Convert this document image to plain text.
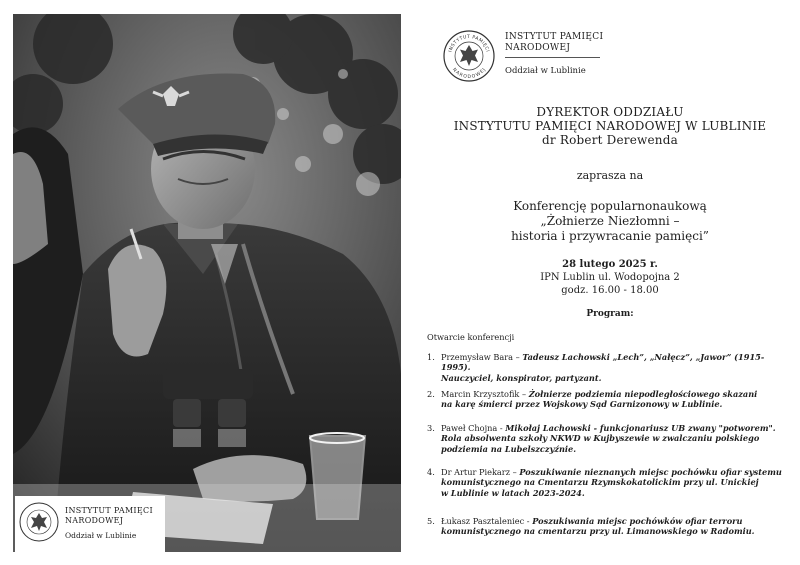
INSTYTUT PAMIĘCI
NARODOWEJ
Oddział w Lublinie
INSTYTUT PAMIĘCI
NARODOWEJ
INSTYTUT PAMIĘCI
NARODOWEJ
Oddział w Lublinie
DYREKTOR ODDZIAŁU
INSTYTUTU PAMIĘCI NARODOWEJ W LUBLINIE
dr Robert Derewenda
zaprasza na
Konferencję popularnonaukową
„Żołnierze Niezłomni –
historia i przywracanie pamięci”
28 lutego 2025 r.
IPN Lublin ul. Wodopojna 2
godz. 16.00 - 18.00
Program:
Otwarcie konferencji
1. Przemysław Bara – Tadeusz Lachowski „Lech”, „Nałęcz”, „Jawor” (1915-1995).
Nauczyciel, konspirator, partyzant.
2. Marcin Krzysztofik – Żołnierze podziemia niepodległościowego skazani
na karę śmierci przez Wojskowy Sąd Garnizonowy w Lublinie.
3. Paweł Chojna - Mikołaj Lachowski - funkcjonariusz UB zwany "potworem".
Rola absolwenta szkoły NKWD w Kujbyszewie w zwalczaniu polskiego
podziemia na Lubelszczyźnie.
4. Dr Artur Piekarz – Poszukiwanie nieznanych miejsc pochówku ofiar systemu
komunistycznego na Cmentarzu Rzymskokatolickim przy ul. Unickiej
w Lublinie w latach 2023-2024.
5. Łukasz Pasztaleniec - Poszukiwania miejsc pochówków ofiar terroru
komunistycznego na cmentarzu przy ul. Limanowskiego w Radomiu.
